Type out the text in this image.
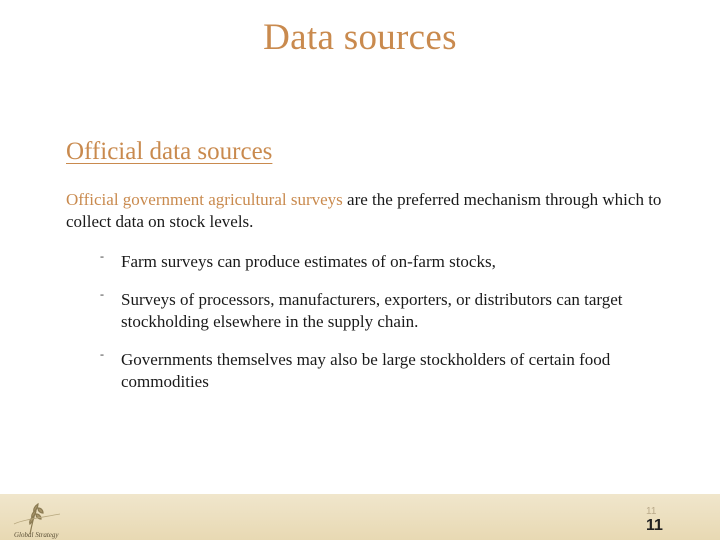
Data sources
Official data sources
Official government agricultural surveys are the preferred mechanism through which to collect data on stock levels.
- Farm surveys can produce estimates of on-farm stocks,
- Surveys of processors, manufacturers, exporters, or distributors can target stockholding elsewhere in the supply chain.
- Governments themselves may also be large stockholders of certain food commodities
Global Strategy
11
11
